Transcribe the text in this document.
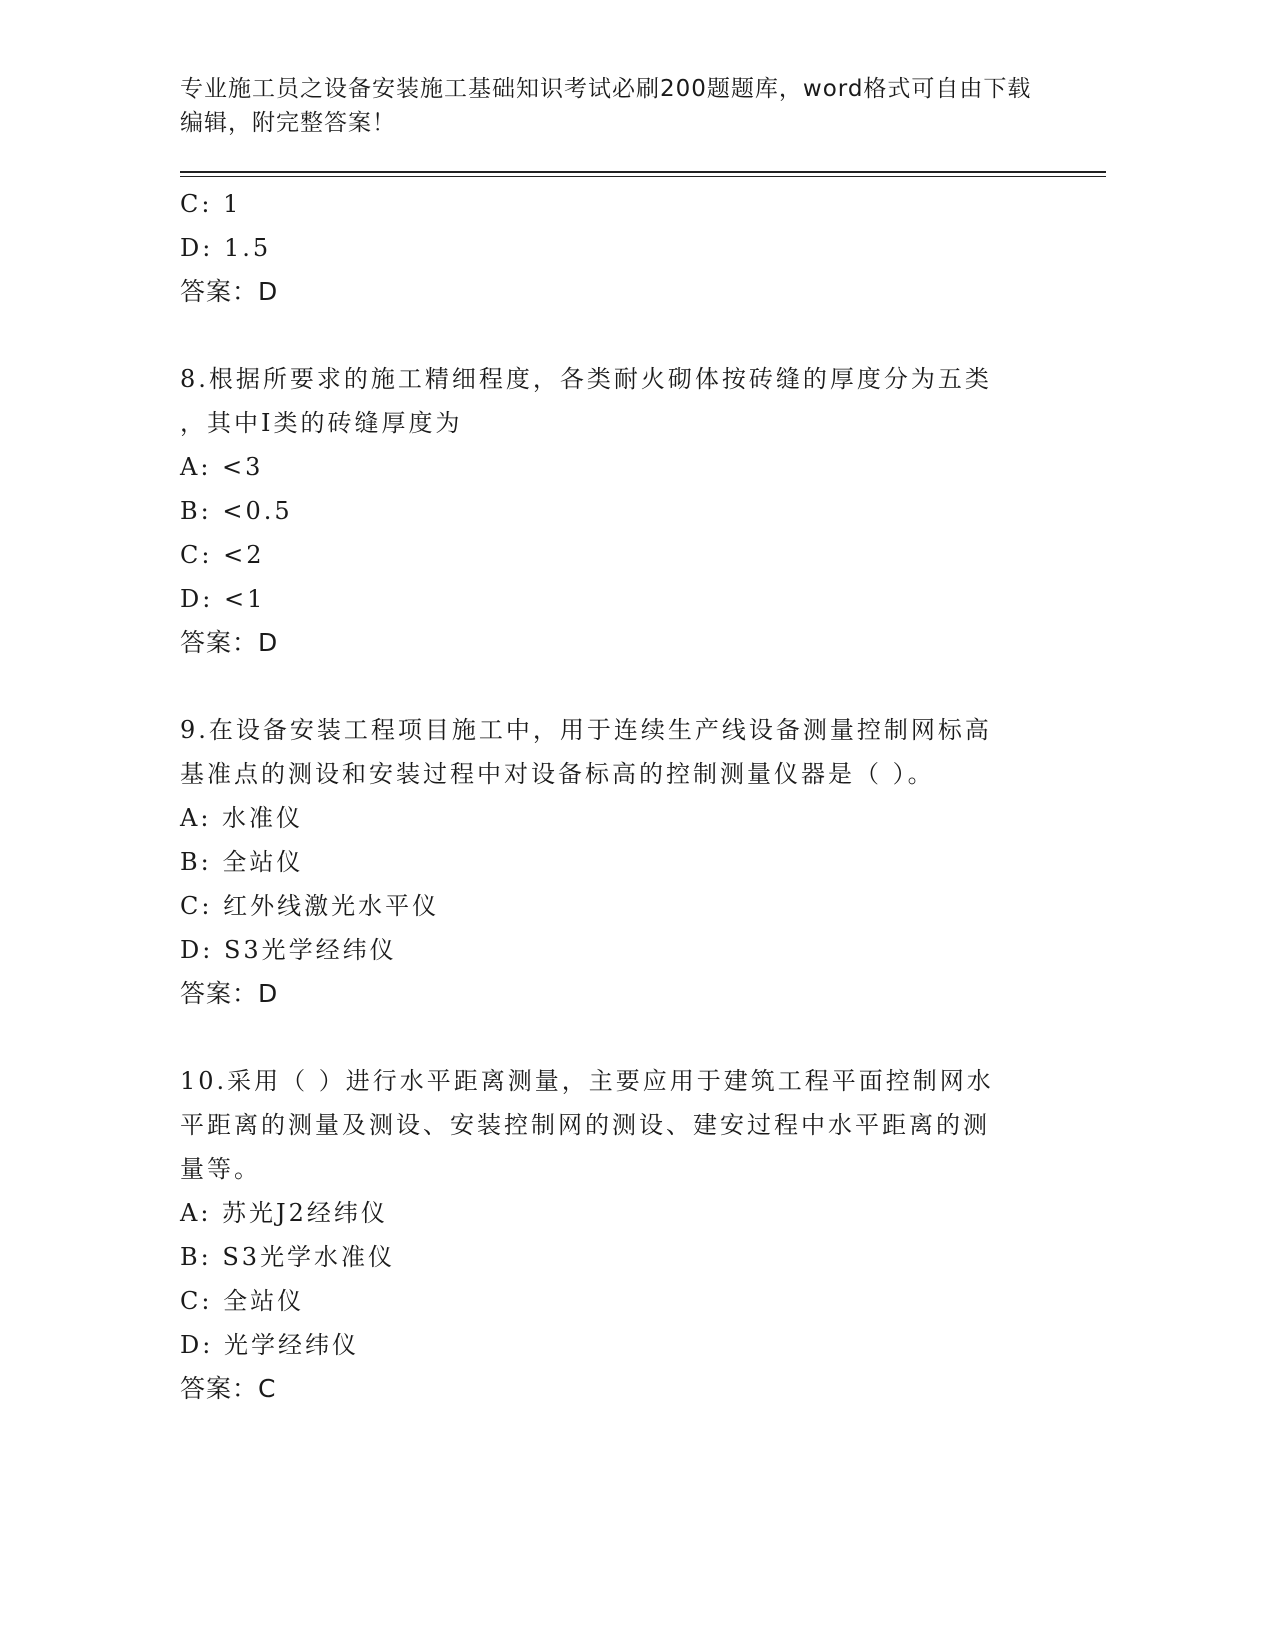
专业施工员之设备安装施工基础知识考试必刷200题题库，word格式可自由下载
编辑，附完整答案！
C: 1
D: 1.5
答案：D
8.根据所要求的施工精细程度，各类耐火砌体按砖缝的厚度分为五类
，其中Ⅰ类的砖缝厚度为
A: <3
B: <0.5
C: <2
D: <1
答案：D
9.在设备安装工程项目施工中，用于连续生产线设备测量控制网标高
基准点的测设和安装过程中对设备标高的控制测量仪器是（ ）。
A: 水准仪
B: 全站仪
C: 红外线激光水平仪
D: S3光学经纬仪
答案：D
10.采用（ ）进行水平距离测量，主要应用于建筑工程平面控制网水
平距离的测量及测设、安装控制网的测设、建安过程中水平距离的测
量等。
A: 苏光J2经纬仪
B: S3光学水准仪
C: 全站仪
D: 光学经纬仪
答案：C
